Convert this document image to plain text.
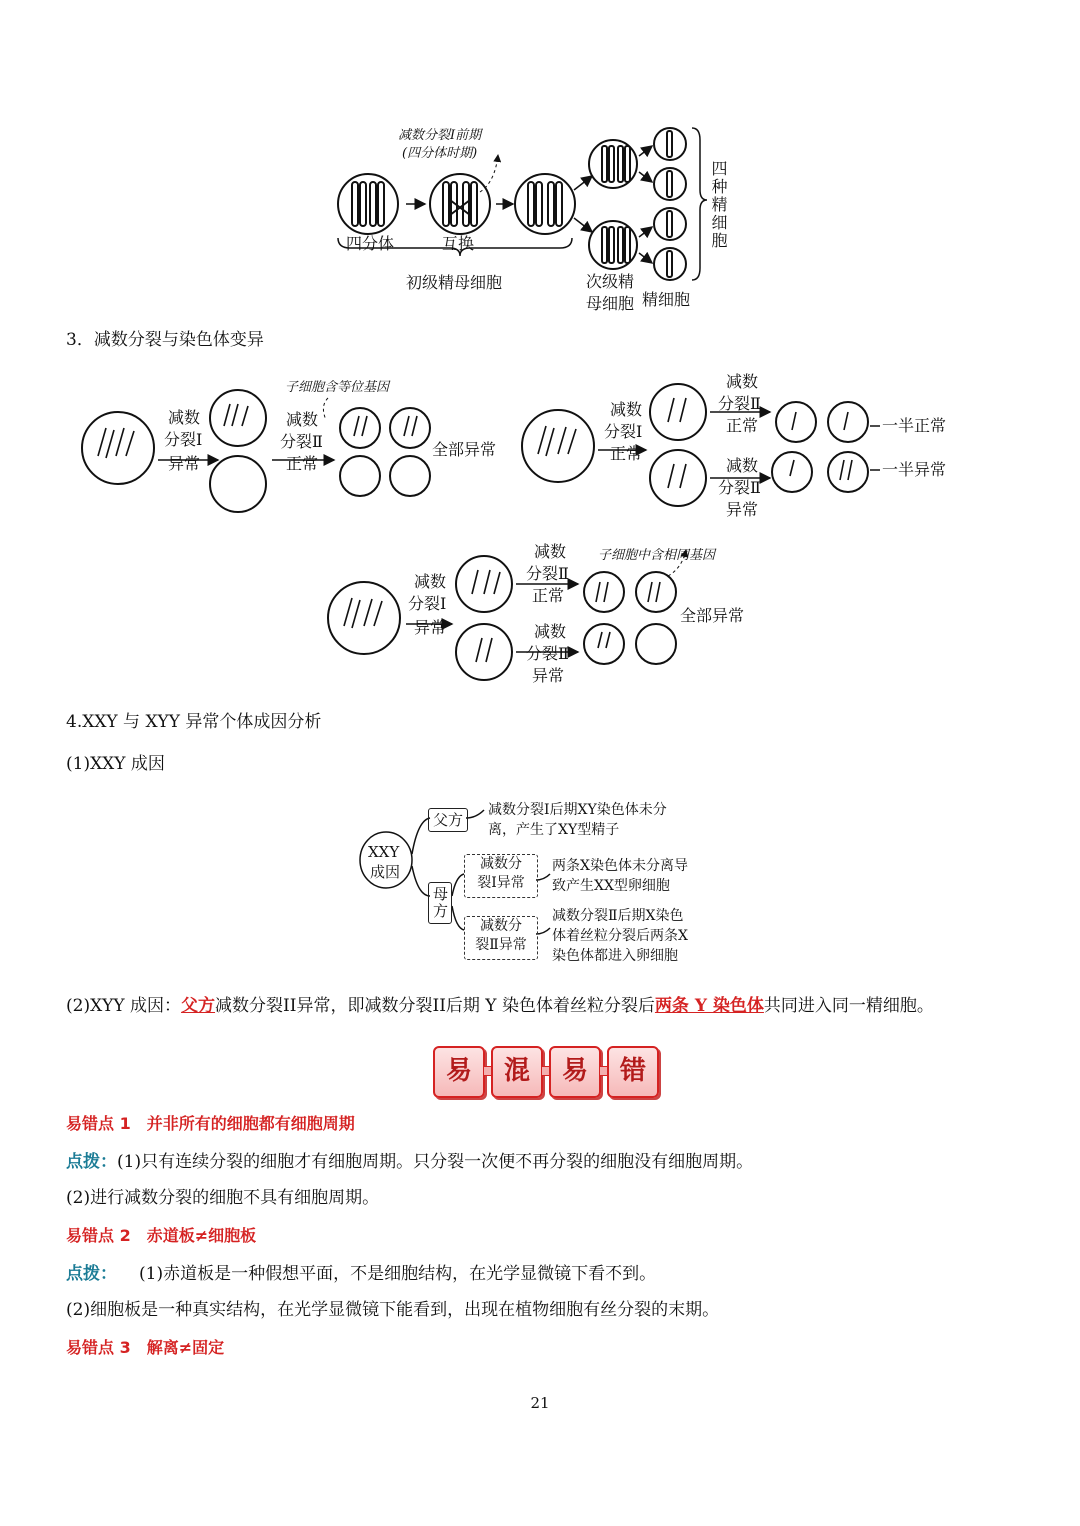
减数分裂Ⅰ前期
(四分体时期)
四分体	互换
初级精母细胞	次级精
母细胞 精细胞
四种精细胞
3．减数分裂与染色体变异
子细胞含等位基因
减数
分裂Ⅰ
异常
减数
分裂Ⅱ
正常
全部异常
减数
分裂Ⅰ
正常
减数
分裂Ⅱ
正常
减数
分裂Ⅱ
异常
一半正常
一半异常
子细胞中含相同基因
减数
分裂Ⅰ
异常
减数
分裂Ⅱ
正常
减数
分裂Ⅱ
异常
全部异常
4.XXY 与 XYY 异常个体成因分析
(1)XXY 成因
XXY
成因
父方
减数分裂Ⅰ后期XY染色体未分
离，产生了XY型精子
母方
减数分
裂Ⅰ异常
两条X染色体未分离导
致产生XX型卵细胞
减数分
裂Ⅱ异常
减数分裂Ⅱ后期X染色
体着丝粒分裂后两条X
染色体都进入卵细胞
(2)XYY 成因：父方减数分裂II异常，即减数分裂II后期 Y 染色体着丝粒分裂后两条 Y 染色体共同进入同一精细胞。
易	混	易	错
易错点 1　并非所有的细胞都有细胞周期
点拨：(1)只有连续分裂的细胞才有细胞周期。只分裂一次便不再分裂的细胞没有细胞周期。
(2)进行减数分裂的细胞不具有细胞周期。
易错点 2　赤道板≠细胞板
点拨： (1)赤道板是一种假想平面，不是细胞结构，在光学显微镜下看不到。
(2)细胞板是一种真实结构，在光学显微镜下能看到，出现在植物细胞有丝分裂的末期。
易错点 3　解离≠固定
21
